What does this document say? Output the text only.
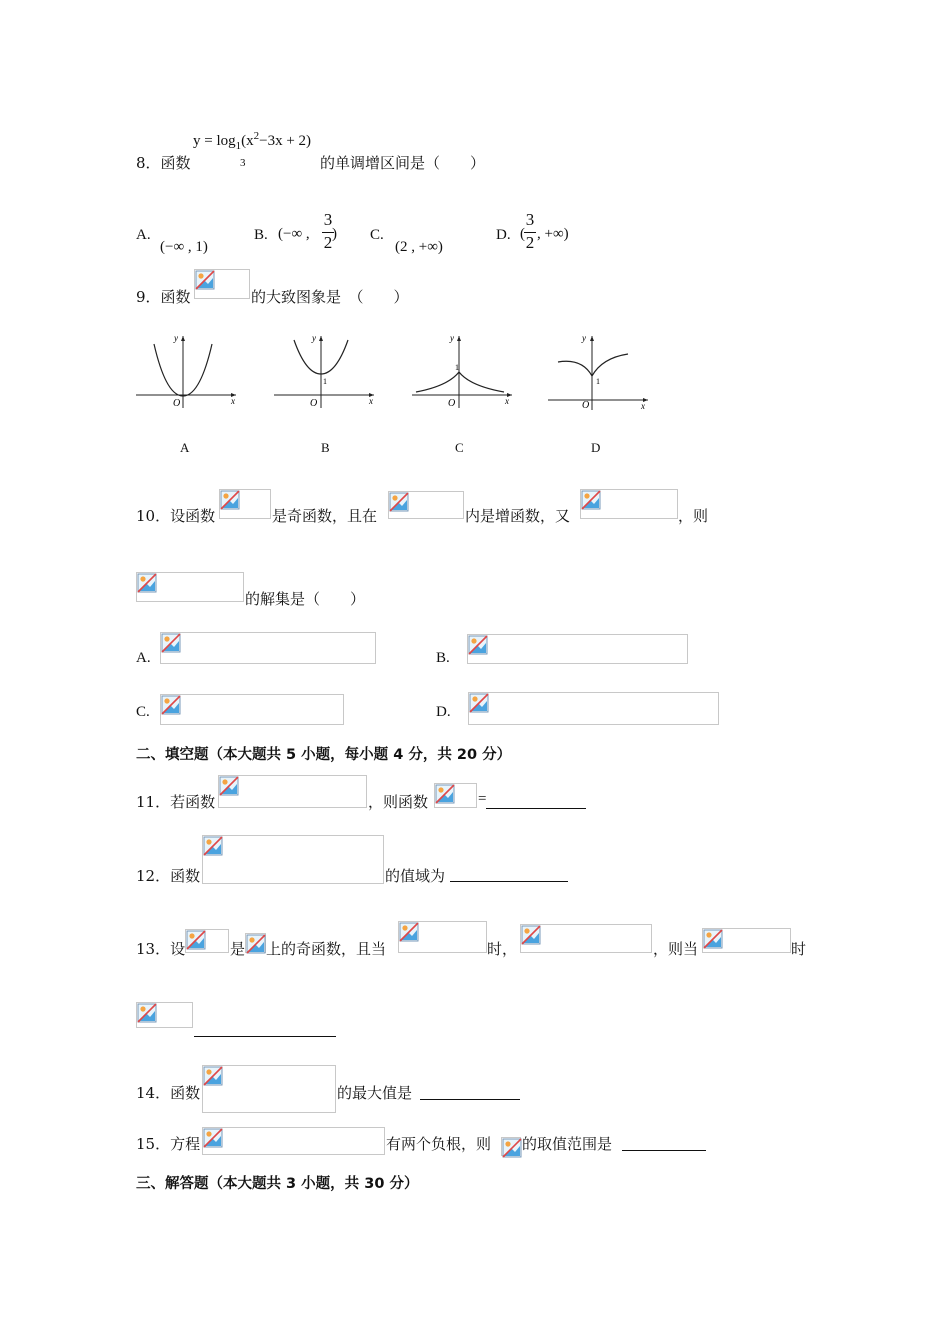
$y = \log_1(x^2-3x + 2)$
3
8．函数	的单调增区间是（　　）
A.
(−∞ , 1)
B. (−∞ ,
3
2 ) C.
(2 , +∞)
D. (
3
2 , +∞)
9．函数	的大致图象是　（　　）
x
y
O
A
x
y
O
1
B
x
y
O
1
C
x
y
O
1
D
10．设函数	是奇函数，且在	内是增函数，又	，则
的解集是（　　）
A.	B.
C.	D.
二、填空题（本大题共 5 小题，每小题 4 分，共 20 分）
11．若函数	，则函数	=
12．函数	的值域为
13．设	是 上的奇函数，且当	时，	，则当	时
14．函数	的最大值是
15．方程	有两个负根，则 的取值范围是
三、解答题（本大题共 3 小题，共 30 分）
